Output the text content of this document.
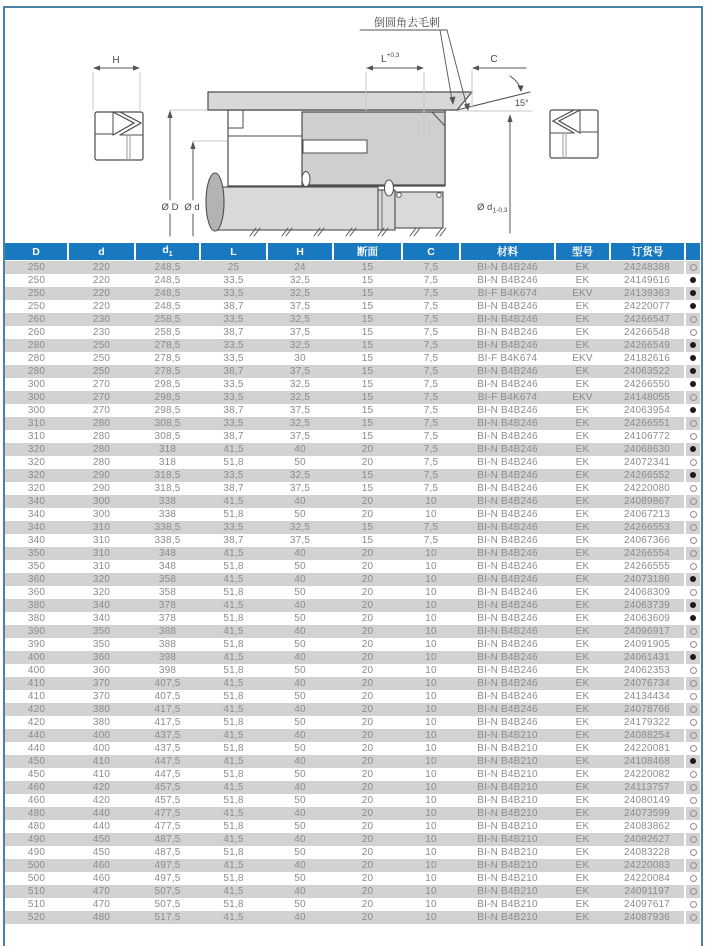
H
15°
Ø D Ø d	Ø $d_1-0,3$
$L^{+0,3}$	C
倒圆角去毛刺
D	d	$d_1$	L	H	断面	C	材料	型号	订货号	
250	220	248,5	25	24	15	7,5	BI-N B4B246	EK	24248388	
250	220	248,5	33,5	32,5	15	7,5	BI-N B4B246	EK	24149616	
250	220	248,5	33,5	32,5	15	7,5	BI-F B4K674	EKV	24139363	
250	220	248,5	38,7	37,5	15	7,5	BI-N B4B246	EK	24220077	
260	230	258,5	33,5	32,5	15	7,5	BI-N B4B246	EK	24266547	
260	230	258,5	38,7	37,5	15	7,5	BI-N B4B246	EK	24266548	
280	250	278,5	33,5	32,5	15	7,5	BI-N B4B246	EK	24266549	
280	250	278,5	33,5	30	15	7,5	BI-F B4K674	EKV	24182616	
280	250	278,5	38,7	37,5	15	7,5	BI-N B4B246	EK	24063522	
300	270	298,5	33,5	32,5	15	7,5	BI-N B4B246	EK	24266550	
300	270	298,5	33,5	32,5	15	7,5	BI-F B4K674	EKV	24148055	
300	270	298,5	38,7	37,5	15	7,5	BI-N B4B246	EK	24063954	
310	280	308,5	33,5	32,5	15	7,5	BI-N B4B246	EK	24266551	
310	280	308,5	38,7	37,5	15	7,5	BI-N B4B246	EK	24106772	
320	280	318	41,5	40	20	7,5	BI-N B4B246	EK	24068630	
320	280	318	51,8	50	20	7,5	BI-N B4B246	EK	24072341	
320	290	318,5	33,5	32,5	15	7,5	BI-N B4B246	EK	24266552	
320	290	318,5	38,7	37,5	15	7,5	BI-N B4B246	EK	24220080	
340	300	338	41,5	40	20	10	BI-N B4B246	EK	24089867	
340	300	338	51,8	50	20	10	BI-N B4B246	EK	24067213	
340	310	338,5	33,5	32,5	15	7,5	BI-N B4B246	EK	24266553	
340	310	338,5	38,7	37,5	15	7,5	BI-N B4B246	EK	24067366	
350	310	348	41,5	40	20	10	BI-N B4B246	EK	24266554	
350	310	348	51,8	50	20	10	BI-N B4B246	EK	24266555	
360	320	358	41,5	40	20	10	BI-N B4B246	EK	24073186	
360	320	358	51,8	50	20	10	BI-N B4B246	EK	24068309	
380	340	378	41,5	40	20	10	BI-N B4B246	EK	24063739	
380	340	378	51,8	50	20	10	BI-N B4B246	EK	24063609	
390	350	388	41,5	40	20	10	BI-N B4B246	EK	24096917	
390	350	388	51,8	50	20	10	BI-N B4B246	EK	24091905	
400	360	398	41,5	40	20	10	BI-N B4B246	EK	24061431	
400	360	398	51,8	50	20	10	BI-N B4B246	EK	24062353	
410	370	407,5	41,5	40	20	10	BI-N B4B246	EK	24076734	
410	370	407,5	51,8	50	20	10	BI-N B4B246	EK	24134434	
420	380	417,5	41,5	40	20	10	BI-N B4B246	EK	24078766	
420	380	417,5	51,8	50	20	10	BI-N B4B246	EK	24179322	
440	400	437,5	41,5	40	20	10	BI-N B4B210	EK	24088254	
440	400	437,5	51,8	50	20	10	BI-N B4B210	EK	24220081	
450	410	447,5	41,5	40	20	10	BI-N B4B210	EK	24108468	
450	410	447,5	51,8	50	20	10	BI-N B4B210	EK	24220082	
460	420	457,5	41,5	40	20	10	BI-N B4B210	EK	24113757	
460	420	457,5	51,8	50	20	10	BI-N B4B210	EK	24080149	
480	440	477,5	41,5	40	20	10	BI-N B4B210	EK	24073599	
480	440	477,5	51,8	50	20	10	BI-N B4B210	EK	24083862	
490	450	487,5	41,5	40	20	10	BI-N B4B210	EK	24082627	
490	450	487,5	51,8	50	20	10	BI-N B4B210	EK	24083228	
500	460	497,5	41,5	40	20	10	BI-N B4B210	EK	24220083	
500	460	497,5	51,8	50	20	10	BI-N B4B210	EK	24220084	
510	470	507,5	41,5	40	20	10	BI-N B4B210	EK	24091197	
510	470	507,5	51,8	50	20	10	BI-N B4B210	EK	24097617	
520	480	517,5	41,5	40	20	10	BI-N B4B210	EK	24087936	
